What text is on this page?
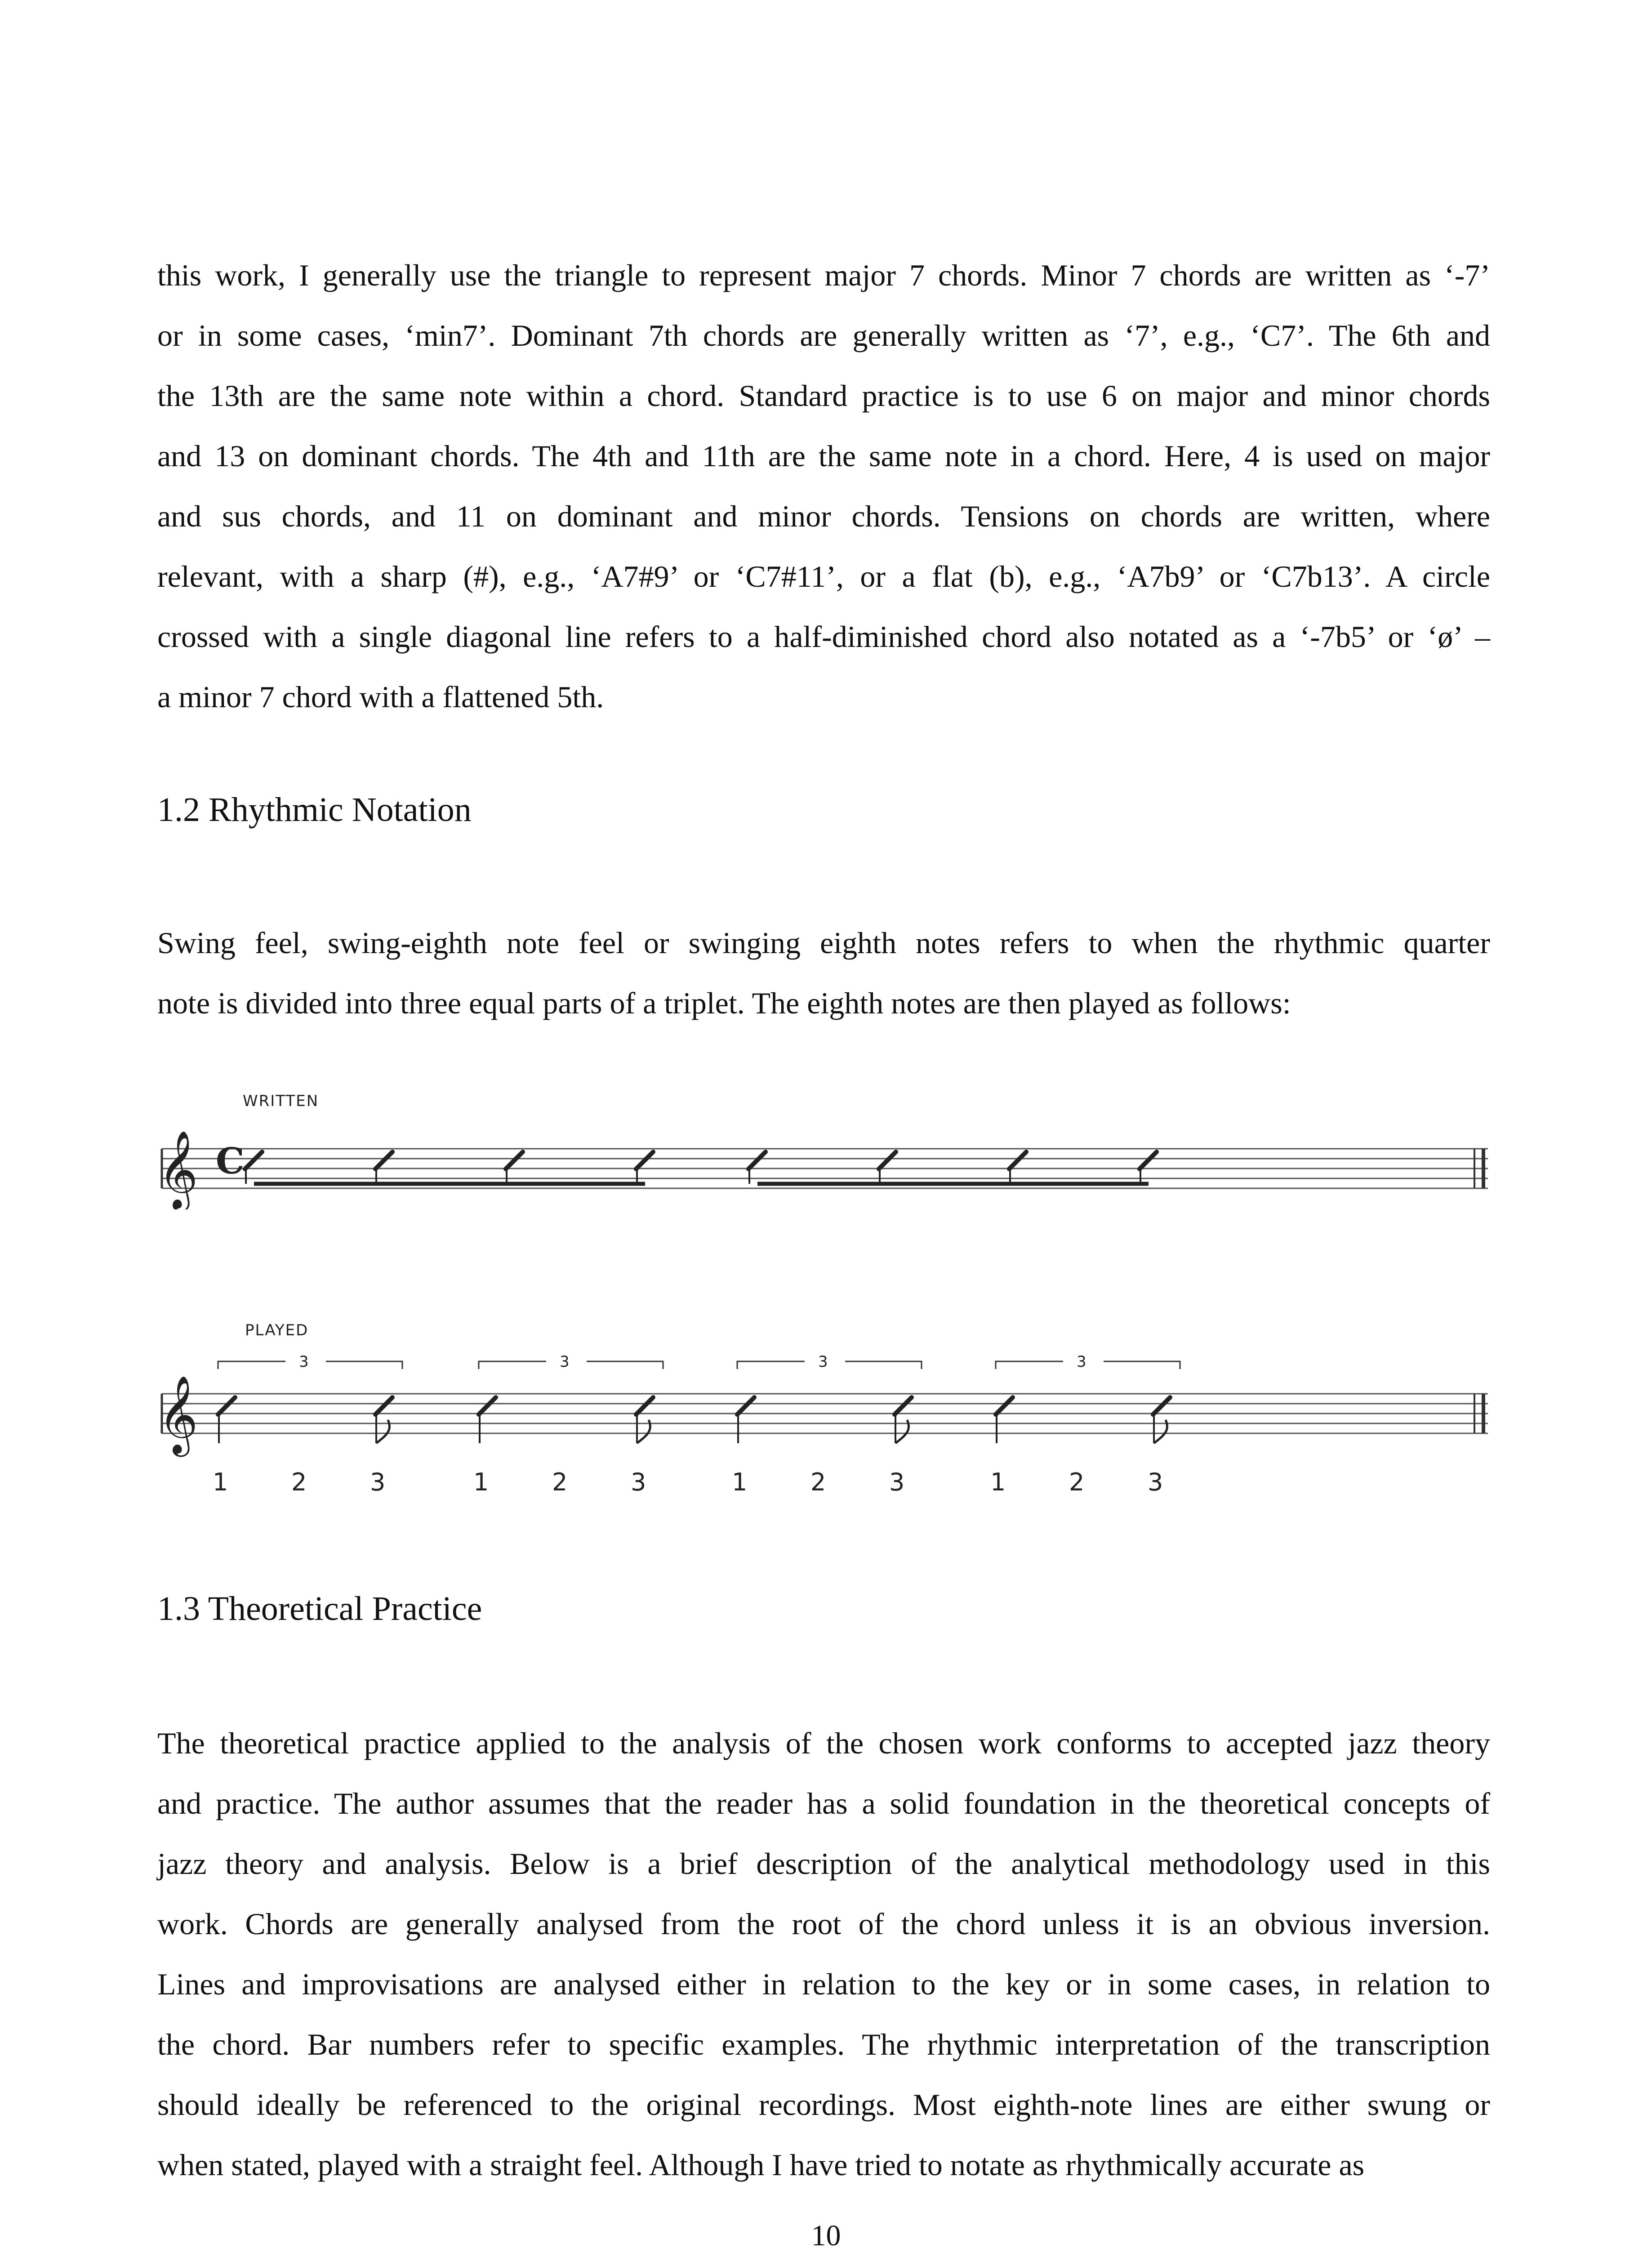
this work, I generally use the triangle to represent major 7 chords. Minor 7 chords are written as ‘-7’
or in some cases, ‘min7’. Dominant 7th chords are generally written as ‘7’, e.g., ‘C7’. The 6th and
the 13th are the same note within a chord. Standard practice is to use 6 on major and minor chords
and 13 on dominant chords. The 4th and 11th are the same note in a chord. Here, 4 is used on major
and sus chords, and 11 on dominant and minor chords. Tensions on chords are written, where
relevant, with a sharp (#), e.g., ‘A7#9’ or ‘C7#11’, or a flat (b), e.g., ‘A7b9’ or ‘C7b13’. A circle
crossed with a single diagonal line refers to a half-diminished chord also notated as a ‘-7b5’ or ‘ø’ –
a minor 7 chord with a flattened 5th.
1.2 Rhythmic Notation
Swing feel, swing-eighth note feel or swinging eighth notes refers to when the rhythmic quarter
note is divided into three equal parts of a triplet. The eighth notes are then played as follows:
WRITTEN
𝄞 C
PLAYED
𝄞
3
1	2	3
3
1	2	3
3
1	2	3
3
1	2	3
1.3 Theoretical Practice
The theoretical practice applied to the analysis of the chosen work conforms to accepted jazz theory
and practice. The author assumes that the reader has a solid foundation in the theoretical concepts of
jazz theory and analysis. Below is a brief description of the analytical methodology used in this
work. Chords are generally analysed from the root of the chord unless it is an obvious inversion.
Lines and improvisations are analysed either in relation to the key or in some cases, in relation to
the chord. Bar numbers refer to specific examples. The rhythmic interpretation of the transcription
should ideally be referenced to the original recordings. Most eighth-note lines are either swung or
when stated, played with a straight feel. Although I have tried to notate as rhythmically accurate as
10
